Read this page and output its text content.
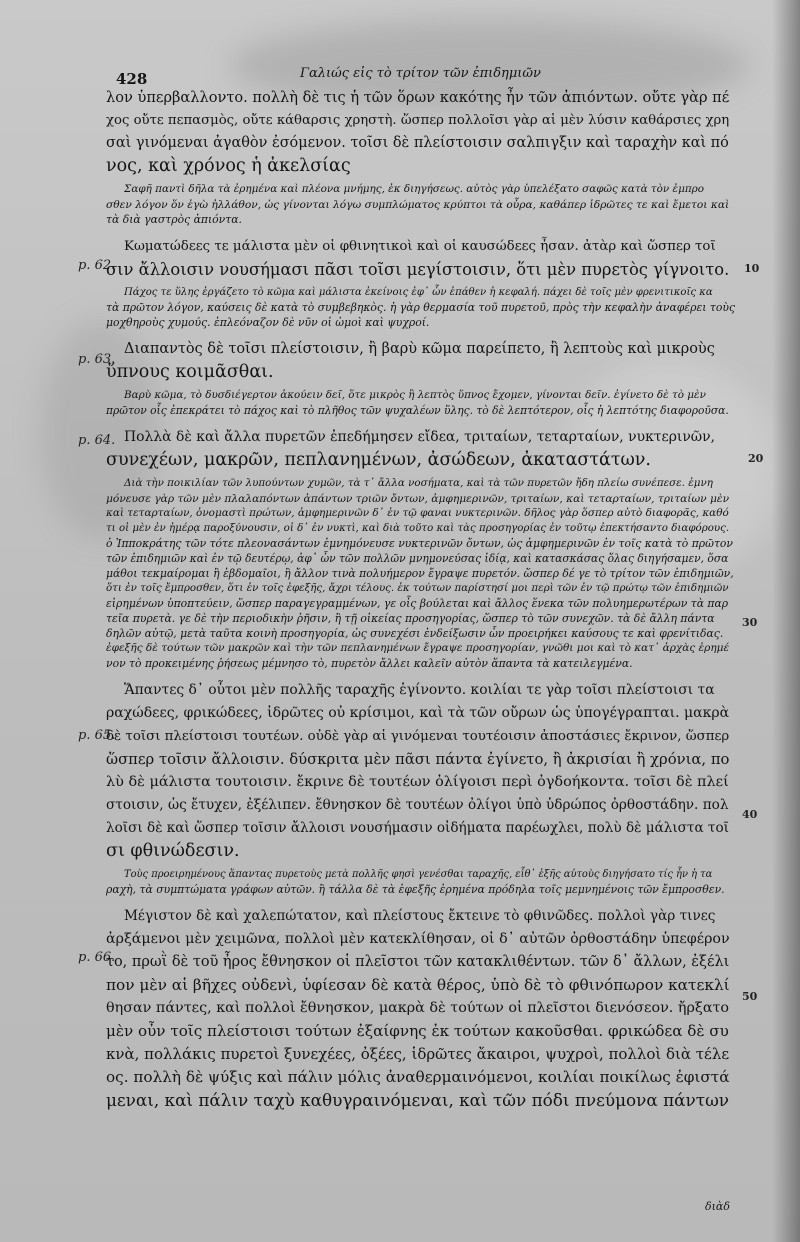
428	Γαλιώς εἰς τὸ τρίτον τῶν ἐπιδημιῶν
p. 62.
p. 63.
p. 64.
p. 65.
p. 66.
10
20
30
40
50

λον ὑπερβαλλοντο. πολλὴ δὲ τις ἡ τῶν ὅρων κακότης ἦν τῶν ἀπιόντων. οὔτε γὰρ πέ

χος οὔτε πεπασμὸς, οὔτε κάθαρσις χρηστὴ. ὥσπερ πολλοῖσι γὰρ αἱ μὲν λύσιν καθάρσιες χρη

σαὶ γινόμεναι ἀγαθὸν ἐσόμενον. τοῖσι δὲ πλείστοισιν σαλπιγξιν καὶ ταραχὴν καὶ πό

νος, καὶ χρόνος ἡ ἀκελσίας

Σαφῆ παντὶ δῆλα τὰ ἐρημένα καὶ πλέονα μνήμης, ἐκ διηγήσεως. αὐτὸς γὰρ ὑπελέξατο σαφῶς κατὰ τὸν ἐμπρο

σθεν λόγον ὅν ἐγὼ ἠλλάθον, ὡς γίνονται λόγω συμπλώματος κρύπτοι τὰ οὖρα, καθάπερ ἱδρῶτες τε καὶ ἔμετοι καὶ

τὰ διὰ γαστρὸς ἀπιόντα.

Κωματώδεες τε μάλιστα μὲν οἱ φθινητικοὶ καὶ οἱ καυσώδεες ἦσαν. ἀτὰρ καὶ ὥσπερ τοῖ

σιν ἄλλοισιν νουσήμασι πᾶσι τοῖσι μεγίστοισιν, ὅτι μὲν πυρετὸς γίγνοιτο.

Πάχος τε ὕλης ἐργάζετο τὸ κῶμα καὶ μάλιστα ἐκείνοις ἐφ᾽ ὧν ἐπάθεν ἡ κεφαλή. πάχει δὲ τοῖς μὲν φρενιτικοῖς κα

τὰ πρῶτον λόγον, καύσεις δὲ κατὰ τὸ συμβεβηκὸς. ἡ γὰρ θερμασία τοῦ πυρετοῦ, πρὸς τὴν κεφαλὴν ἀναφέρει τοὺς

μοχθηροὺς χυμούς. ἐπλεόναζον δὲ νῦν οἱ ὠμοὶ καὶ ψυχροί.

Διαπαντὸς δὲ τοῖσι πλείστοισιν, ἢ βαρὺ κῶμα παρείπετο, ἢ λεπτοὺς καὶ μικροὺς

ὕπνους κοιμᾶσθαι.

Βαρὺ κῶμα, τὸ δυσδιέγερτον ἀκούειν δεῖ, ὅτε μικρὸς ἢ λεπτὸς ὕπνος ἔχομεν, γίνονται δεῖν. ἐγίνετο δὲ τὸ μὲν

πρῶτον οἷς ἐπεκράτει τὸ πάχος καὶ τὸ πλῆθος τῶν ψυχαλέων ὕλης. τὸ δὲ λεπτότερον, οἷς ἡ λεπτότης διαφοροῦσα.

Πολλὰ δὲ καὶ ἄλλα πυρετῶν ἐπεδήμησεν εἴδεα, τριταίων, τεταρταίων, νυκτερινῶν,

συνεχέων, μακρῶν, πεπλανημένων, ἀσώδεων, ἀκαταστάτων.

Διὰ τὴν ποικιλίαν τῶν λυπούντων χυμῶν, τὰ τ᾽ ἄλλα νοσήματα, καὶ τὰ τῶν πυρετῶν ἤδη πλείω συνέπεσε. ἐμνη

μόνευσε γὰρ τῶν μὲν πλαλαπόντων ἁπάντων τριῶν ὄντων, ἀμφημερινῶν, τριταίων, καὶ τεταρταίων, τριταίων μὲν

καὶ τεταρταίων, ὀνομαστὶ πρώτων, ἀμφημερινῶν δ᾽ ἐν τῷ φαναι νυκτερινῶν. δῆλος γὰρ ὅσπερ αὐτὸ διαφορᾶς, καθό

τι οἱ μὲν ἐν ἡμέρᾳ παροξύνουσιν, οἱ δ᾽ ἐν νυκτὶ, καὶ διὰ τοῦτο καὶ τὰς προσηγορίας ἐν τοῦτῳ ἐπεκτήσαντο διαφόρους.

ὁ Ἱπποκράτης τῶν τότε πλεονασάντων ἐμνημόνευσε νυκτερινῶν ὄντων, ὡς ἀμφημερινῶν ἐν τοῖς κατὰ τὸ πρῶτον

τῶν ἐπιδημιῶν καὶ ἐν τῷ δευτέρῳ, ἀφ᾽ ὧν τῶν πολλῶν μνημονεύσας ἰδίᾳ, καὶ κατασκάσας ὅλας διηγήσαμεν, ὅσα

μάθοι τεκμαίρομαι ἢ ἑβδομαῖοι, ἢ ἄλλον τινὰ πολυήμερον ἔγραψε πυρετόν. ὥσπερ δέ γε τὸ τρίτον τῶν ἐπιδημιῶν,

ὅτι ἐν τοῖς ἔμπροσθεν, ὅτι ἐν τοῖς ἐφεξῆς, ἄχρι τέλους. ἐκ τούτων παρίστησί μοι περὶ τῶν ἐν τῷ πρώτῳ τῶν ἐπιδημιῶν

εἰρημένων ὑποπτεύειν, ὥσπερ παραγεγραμμένων, γε οἷς βούλεται καὶ ἄλλος ἕνεκα τῶν πολυημερωτέρων τὰ παρ

τεῖα πυρετὰ. γε δὲ τὴν περιοδικὴν ῥῆσιν, ἢ τῇ οἰκείας προσηγορίας, ὥσπερ τὸ τῶν συνεχῶν. τὰ δὲ ἄλλη πάντα

δηλῶν αὐτῷ, μετὰ ταῦτα κοινὴ προσηγορία, ὡς συνεχέσι ἐνδείξωσιν ὧν προειρήκει καύσους τε καὶ φρενίτιδας.

ἐφεξῆς δὲ τούτων τῶν μακρῶν καὶ τὴν τῶν πεπλανημένων ἔγραψε προσηγορίαν, γνῶθι μοι καὶ τὸ κατ᾽ ἀρχὰς ἐρημέ

νον τὸ προκειμένης ῥήσεως μέμνησο τὸ, πυρετὸν ἄλλει καλεῖν αὐτὸν ἅπαντα τὰ κατειλεγμένα.

Ἅπαντες δ᾽ οὗτοι μὲν πολλῆς ταραχῆς ἐγίνοντο. κοιλίαι τε γὰρ τοῖσι πλείστοισι τα

ραχώδεες, φρικώδεες, ἱδρῶτες οὐ κρίσιμοι, καὶ τὰ τῶν οὔρων ὡς ὑπογέγραπται. μακρὰ

δὲ τοῖσι πλείστοισι τουτέων. οὐδὲ γὰρ αἱ γινόμεναι τουτέοισιν ἀποστάσιες ἔκρινον, ὥσπερ

ὥσπερ τοῖσιν ἄλλοισιν. δύσκριτα μὲν πᾶσι πάντα ἐγίνετο, ἢ ἀκρισίαι ἢ χρόνια, πο

λὺ δὲ μάλιστα τουτοισιν. ἔκρινε δὲ τουτέων ὀλίγοισι περὶ ὀγδοήκοντα. τοῖσι δὲ πλεί

στοισιν, ὡς ἔτυχεν, ἐξέλιπεν. ἔθνησκον δὲ τουτέων ὀλίγοι ὑπὸ ὑδρώπος ὀρθοστάδην. πολ

λοῖσι δὲ καὶ ὥσπερ τοῖσιν ἄλλοισι νουσήμασιν οἰδήματα παρέωχλει, πολὺ δὲ μάλιστα τοῖ

σι φθινώδεσιν.

Τοὺς προειρημένους ἅπαντας πυρετοὺς μετὰ πολλῆς φησὶ γενέσθαι ταραχῆς, εἶθ᾽ ἑξῆς αὐτοὺς διηγήσατο τίς ἦν ἡ τα

ραχὴ, τὰ συμπτώματα γράφων αὐτῶν. ἢ τάλλα δὲ τὰ ἐφεξῆς ἐρημένα πρόδηλα τοῖς μεμνημένοις τῶν ἔμπροσθεν.

Μέγιστον δὲ καὶ χαλεπώτατον, καὶ πλείστους ἔκτεινε τὸ φθινῶδες. πολλοὶ γὰρ τινες

ἀρξάμενοι μὲν χειμῶνα, πολλοὶ μὲν κατεκλίθησαν, οἱ δ᾽ αὐτῶν ὀρθοστάδην ὑπεφέρον

το, πρωῒ δὲ τοῦ ἦρος ἔθνησκον οἱ πλεῖστοι τῶν κατακλιθέντων. τῶν δ᾽ ἄλλων, ἐξέλι

πον μὲν αἱ βῆχες οὐδενὶ, ὑφίεσαν δὲ κατὰ θέρος, ὑπὸ δὲ τὸ φθινόπωρον κατεκλί

θησαν πάντες, καὶ πολλοὶ ἔθνησκον, μακρὰ δὲ τούτων οἱ πλεῖστοι διενόσεον. ἤρξατο

μὲν οὖν τοῖς πλείστοισι τούτων ἐξαίφνης ἐκ τούτων κακοῦσθαι. φρικώδεα δὲ συ

κνὰ, πολλάκις πυρετοὶ ξυνεχέες, ὀξέες, ἱδρῶτες ἄκαιροι, ψυχροὶ, πολλοὶ διὰ τέλε

ος. πολλὴ δὲ ψύξις καὶ πάλιν μόλις ἀναθερμαινόμενοι, κοιλίαι ποικίλως ἐφιστά

μεναι, καὶ πάλιν ταχὺ καθυγραινόμεναι, καὶ τῶν πόδι πνεύμονα πάντων

διὰδ
